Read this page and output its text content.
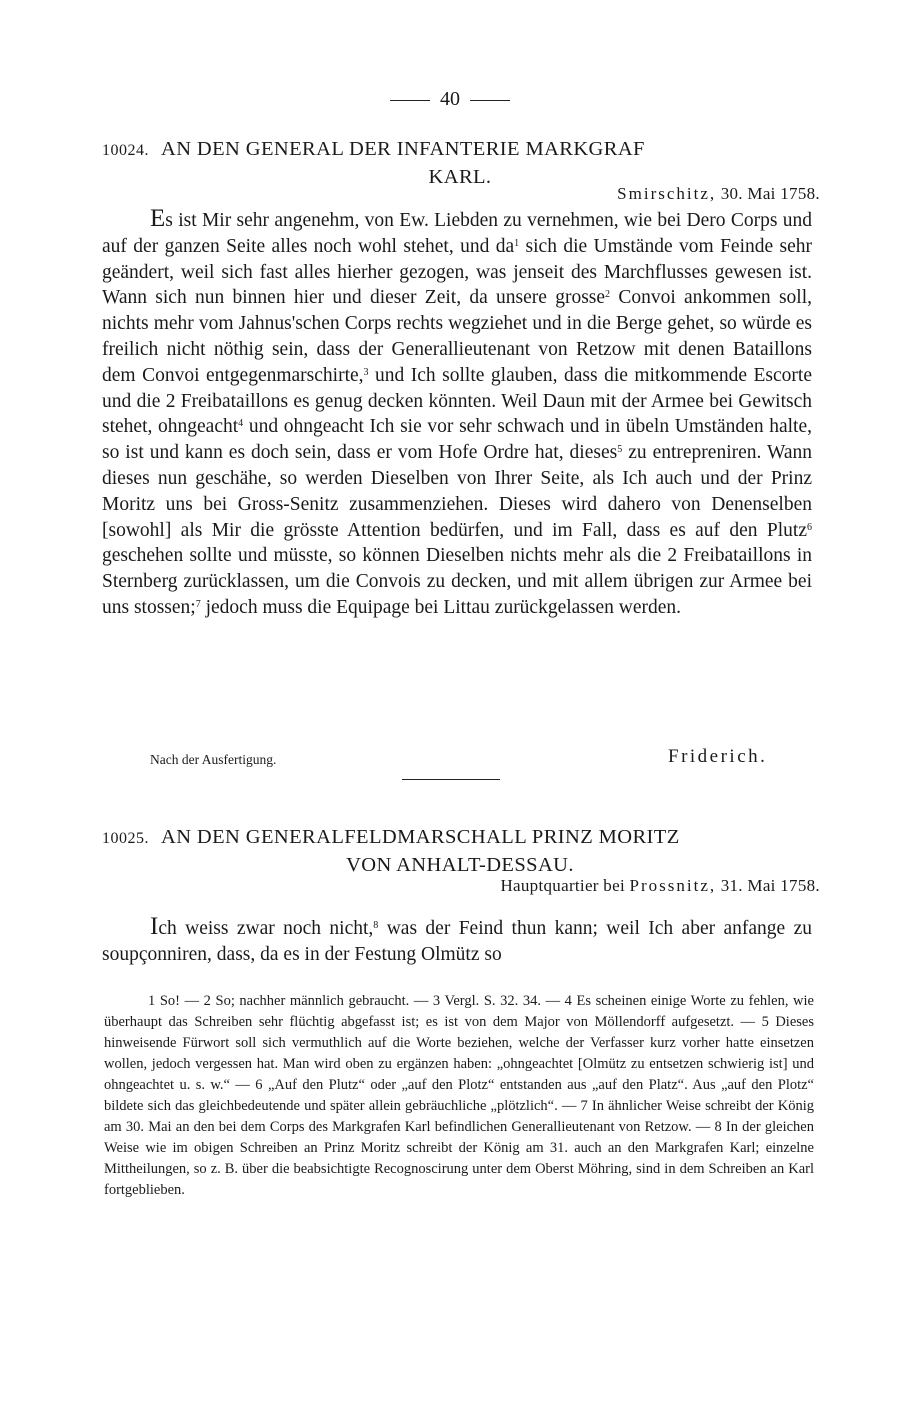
40
10024. AN DEN GENERAL DER INFANTERIE MARKGRAF
KARL.
Smirschitz, 30. Mai 1758.

Es ist Mir sehr angenehm, von Ew. Liebden zu vernehmen, wie bei Dero Corps und auf der ganzen Seite alles noch wohl stehet, und $da^1$ sich die Umstände vom Feinde sehr geändert, weil sich fast alles hierher gezogen, was jenseit des Marchflusses gewesen ist. Wann sich nun binnen hier und dieser Zeit, da unsere grosse$^2$ Convoi ankommen soll, nichts mehr vom Jahnus'schen Corps rechts wegziehet und in die Berge gehet, so würde es freilich nicht nöthig sein, dass der Generallieutenant von Retzow mit denen Bataillons dem Convoi entgegenmarschirte,$^3$ und Ich sollte glauben, dass die mitkommende Escorte und die 2 Freibataillons es genug decken könnten. Weil Daun mit der Armee bei Gewitsch stehet, ohngeacht$^4$ und ohngeacht Ich sie vor sehr schwach und in übeln Umständen halte, so ist und kann es doch sein, dass er vom Hofe Ordre hat, dieses$^5$ zu entrepreniren. Wann dieses nun geschähe, so werden Dieselben von Ihrer Seite, als Ich auch und der Prinz Moritz uns bei Gross-Senitz zusammenziehen. Dieses wird dahero von Denenselben [sowohl] als Mir die grösste Attention bedürfen, und im Fall, dass es auf den Plutz$^6$ geschehen sollte und müsste, so können Dieselben nichts mehr als die 2 Freibataillons in Sternberg zurücklassen, um die Convois zu decken, und mit allem übrigen zur Armee bei uns stossen;$^7$ jedoch muss die Equipage bei Littau zurückgelassen werden.

Nach der Ausfertigung.	Friderich.
10025. AN DEN GENERALFELDMARSCHALL PRINZ MORITZ
VON ANHALT-DESSAU.
Hauptquartier bei Prossnitz, 31. Mai 1758.

Ich weiss zwar noch nicht,$^8$ was der Feind thun kann; weil Ich aber anfange zu soupçonniren, dass, da es in der Festung Olmütz so

1 So! — 2 So; nachher männlich gebraucht. — 3 Vergl. S. 32. 34. — 4 Es scheinen einige Worte zu fehlen, wie überhaupt das Schreiben sehr flüchtig abgefasst ist; es ist von dem Major von Möllendorff aufgesetzt. — 5 Dieses hinweisende Fürwort soll sich vermuthlich auf die Worte beziehen, welche der Verfasser kurz vorher hatte einsetzen wollen, jedoch vergessen hat. Man wird oben zu ergänzen haben: „ohngeachtet [Olmütz zu entsetzen schwierig ist] und ohngeachtet u. s. w.“ — 6 „Auf den Plutz“ oder „auf den Plotz“ entstanden aus „auf den Platz“. Aus „auf den Plotz“ bildete sich das gleichbedeutende und später allein gebräuchliche „plötzlich“. — 7 In ähnlicher Weise schreibt der König am 30. Mai an den bei dem Corps des Markgrafen Karl befindlichen Generallieutenant von Retzow. — 8 In der gleichen Weise wie im obigen Schreiben an Prinz Moritz schreibt der König am 31. auch an den Markgrafen Karl; einzelne Mittheilungen, so z. B. über die beabsichtigte Recognoscirung unter dem Oberst Möhring, sind in dem Schreiben an Karl fortgeblieben.
